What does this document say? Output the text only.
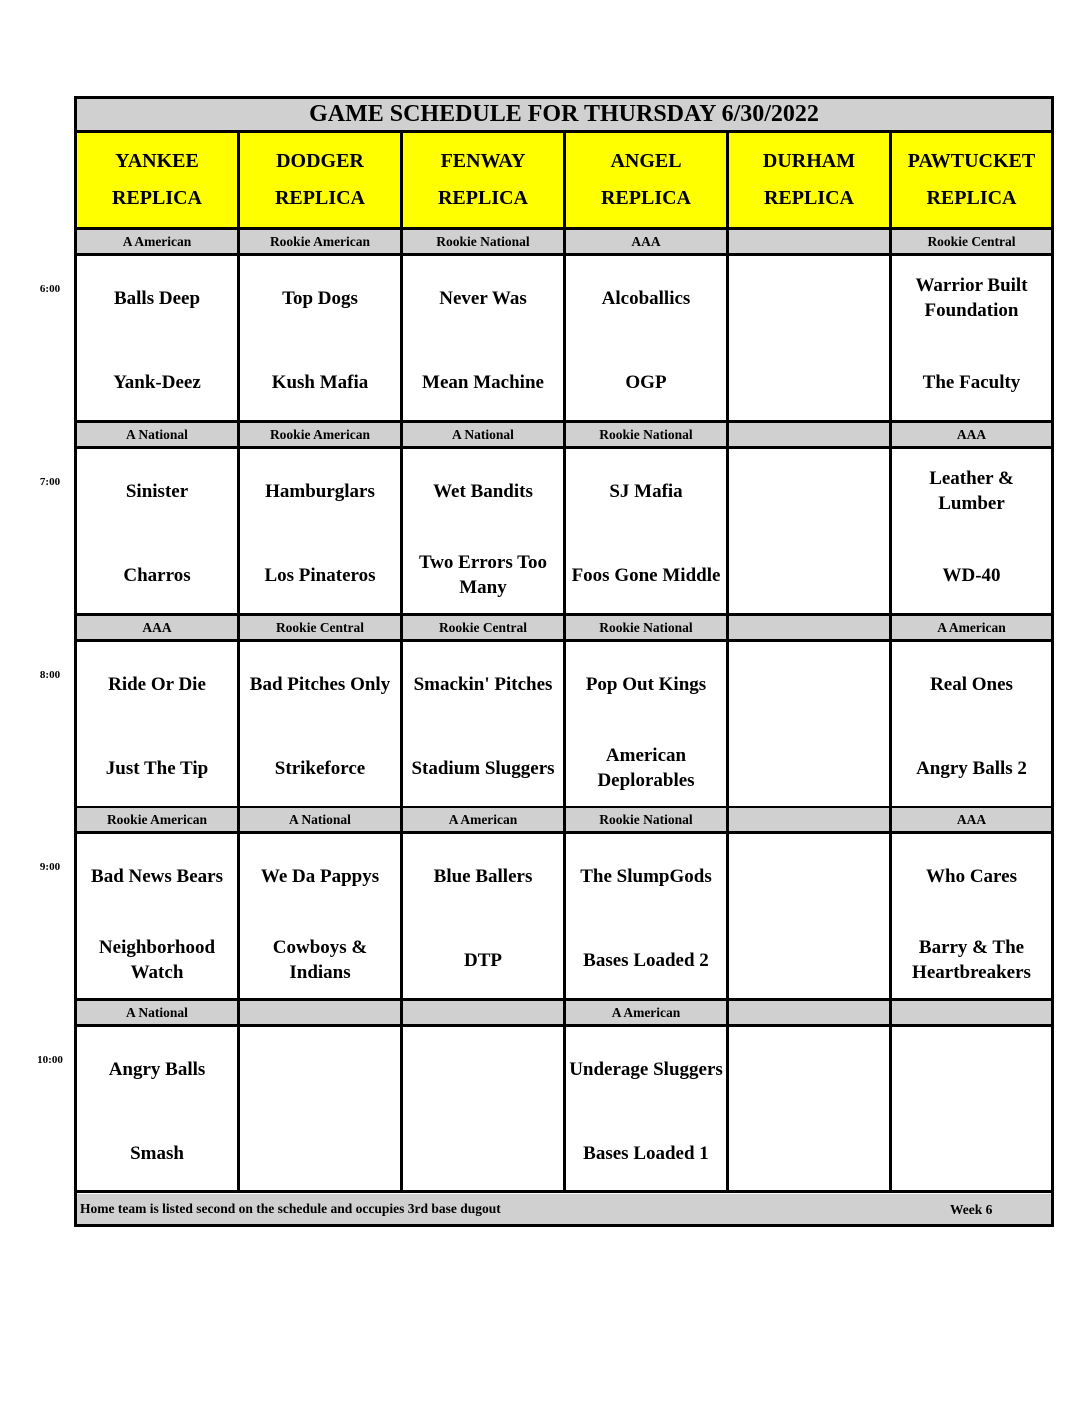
GAME SCHEDULE FOR THURSDAY 6/30/2022
YANKEE
REPLICA
DODGER
REPLICA
FENWAY
REPLICA
ANGEL
REPLICA
DURHAM
REPLICA
PAWTUCKET
REPLICA
A American
Balls Deep
Yank-Deez
Rookie American
Top Dogs
Kush Mafia
Rookie National
Never Was
Mean Machine
AAA
Alcoballics
OGP
Rookie Central
Warrior Built Foundation
The Faculty
A National
Sinister
Charros
Rookie American
Hamburglars
Los Pinateros
A National
Wet Bandits
Two Errors Too Many
Rookie National
SJ Mafia
Foos Gone Middle
AAA
Leather & Lumber
WD-40
AAA
Ride Or Die
Just The Tip
Rookie Central
Bad Pitches Only
Strikeforce
Rookie Central
Smackin' Pitches
Stadium Sluggers
Rookie National
Pop Out Kings
American Deplorables
A American
Real Ones
Angry Balls 2
Rookie American
Bad News Bears
Neighborhood Watch
A National
We Da Pappys
Cowboys & Indians
A American
Blue Ballers
DTP
Rookie National
The SlumpGods
Bases Loaded 2
AAA
Who Cares
Barry & The Heartbreakers
A National
Angry Balls
Smash
A American
Underage Sluggers
Bases Loaded 1
Home team is listed second on the schedule and occupies 3rd base dugout	Week 6
6:00
7:00
8:00
9:00
10:00
